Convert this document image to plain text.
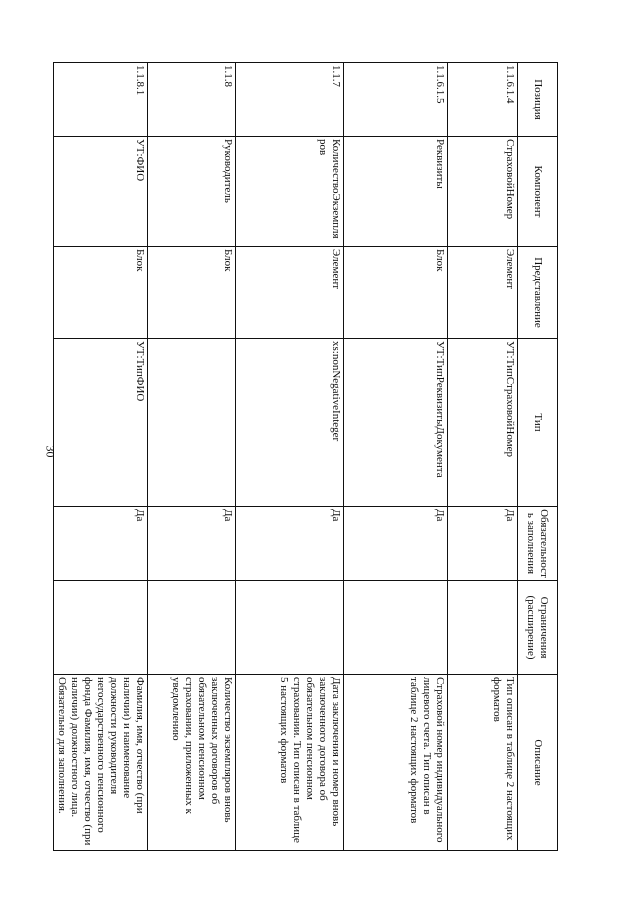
30
Позиция	Компонент	Представление	Тип	Обязательность заполнения	Ограничения (расширение)	Описание
1.1.6.1.4	СтраховойНомер	Элемент	УТ:ТипСтраховойНомер	Да		Тип описан в таблице 2 настоящих форматов
1.1.6.1.5	Реквизиты	Блок	УТ:ТипРеквизитыДокумента	Да		Страховой номер индивидуального лицевого счета. Тип описан в таблице 2 настоящих форматов
1.1.7	КоличествоЭкземпляров	Элемент	xs:nonNegativeInteger	Да		Дата заключения и номер вновь заключенного договора об обязательном пенсионном страховании. Тип описан в таблице 5 настоящих форматов
1.1.8	Руководитель	Блок		Да		Количество экземпляров вновь заключенных договоров об обязательном пенсионном страховании, приложенных к уведомлению
1.1.8.1	УТ:ФИО	Блок	УТ:ТипФИО	Да		Фамилия, имя, отчество (при наличии) и наименование должности руководителя негосударственного пенсионного фонда Фамилия, имя, отчество (при наличии) должностного лица. Обязательно для заполнения.
